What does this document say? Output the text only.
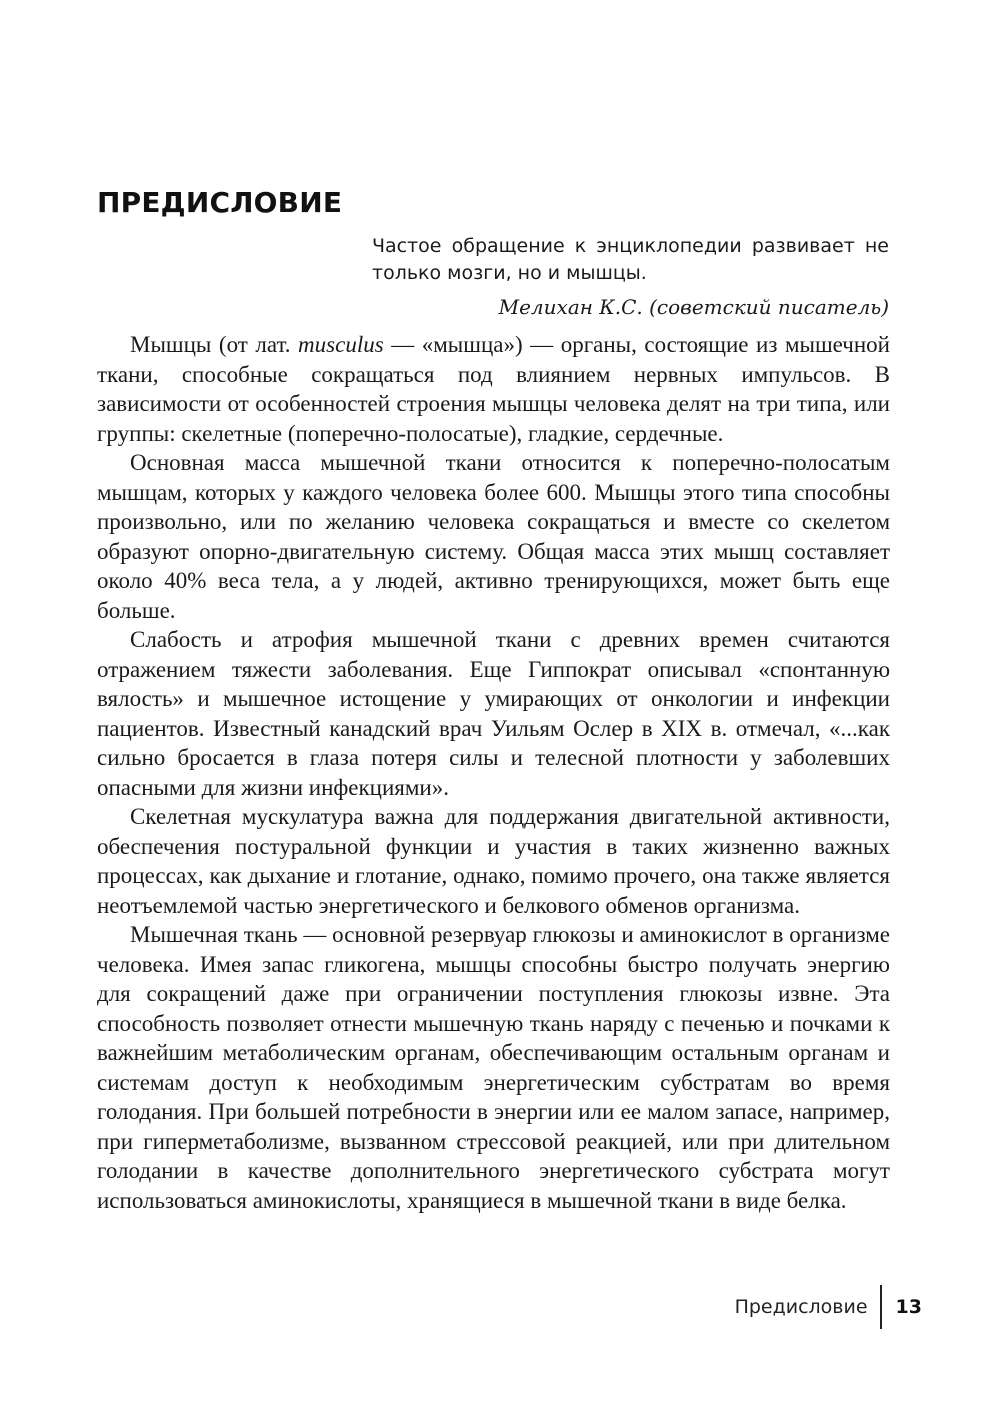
ПРЕДИСЛОВИЕ

Частое обращение к энциклопедии развивает не только мозги, но и мышцы.

Мелихан К.С. (советский писатель)

Мышцы (от лат. musculus — «мышца») — органы, состоящие из мышечной ткани, способные сокращаться под влиянием нервных импульсов. В зависимости от особенностей строения мышцы человека делят на три типа, или группы: скелетные (поперечно-полосатые), гладкие, сердечные.

Основная масса мышечной ткани относится к поперечно-полосатым мышцам, которых у каждого человека более 600. Мышцы этого типа способны произвольно, или по желанию человека сокращаться и вместе со скелетом образуют опорно-двигательную систему. Общая масса этих мышц составляет около 40% веса тела, а у людей, активно тренирующихся, может быть еще больше.

Слабость и атрофия мышечной ткани с древних времен считаются отражением тяжести заболевания. Еще Гиппократ описывал «спонтанную вялость» и мышечное истощение у умирающих от онкологии и инфекции пациентов. Известный канадский врач Уильям Ослер в XIX в. отмечал, «...как сильно бросается в глаза потеря силы и телесной плотности у заболевших опасными для жизни инфекциями».

Скелетная мускулатура важна для поддержания двигательной активности, обеспечения постуральной функции и участия в таких жизненно важных процессах, как дыхание и глотание, однако, помимо прочего, она также является неотъемлемой частью энергетического и белкового обменов организма.

Мышечная ткань — основной резервуар глюкозы и аминокислот в организме человека. Имея запас гликогена, мышцы способны быстро получать энергию для сокращений даже при ограничении поступления глюкозы извне. Эта способность позволяет отнести мышечную ткань наряду с печенью и почками к важнейшим метаболическим органам, обеспечивающим остальным органам и системам доступ к необходимым энергетическим субстратам во время голодания. При большей потребности в энергии или ее малом запасе, например, при гиперметаболизме, вызванном стрессовой реакцией, или при длительном голодании в качестве дополнительного энергетического субстрата могут использоваться аминокислоты, хранящиеся в мышечной ткани в виде белка.

Предисловие	13
